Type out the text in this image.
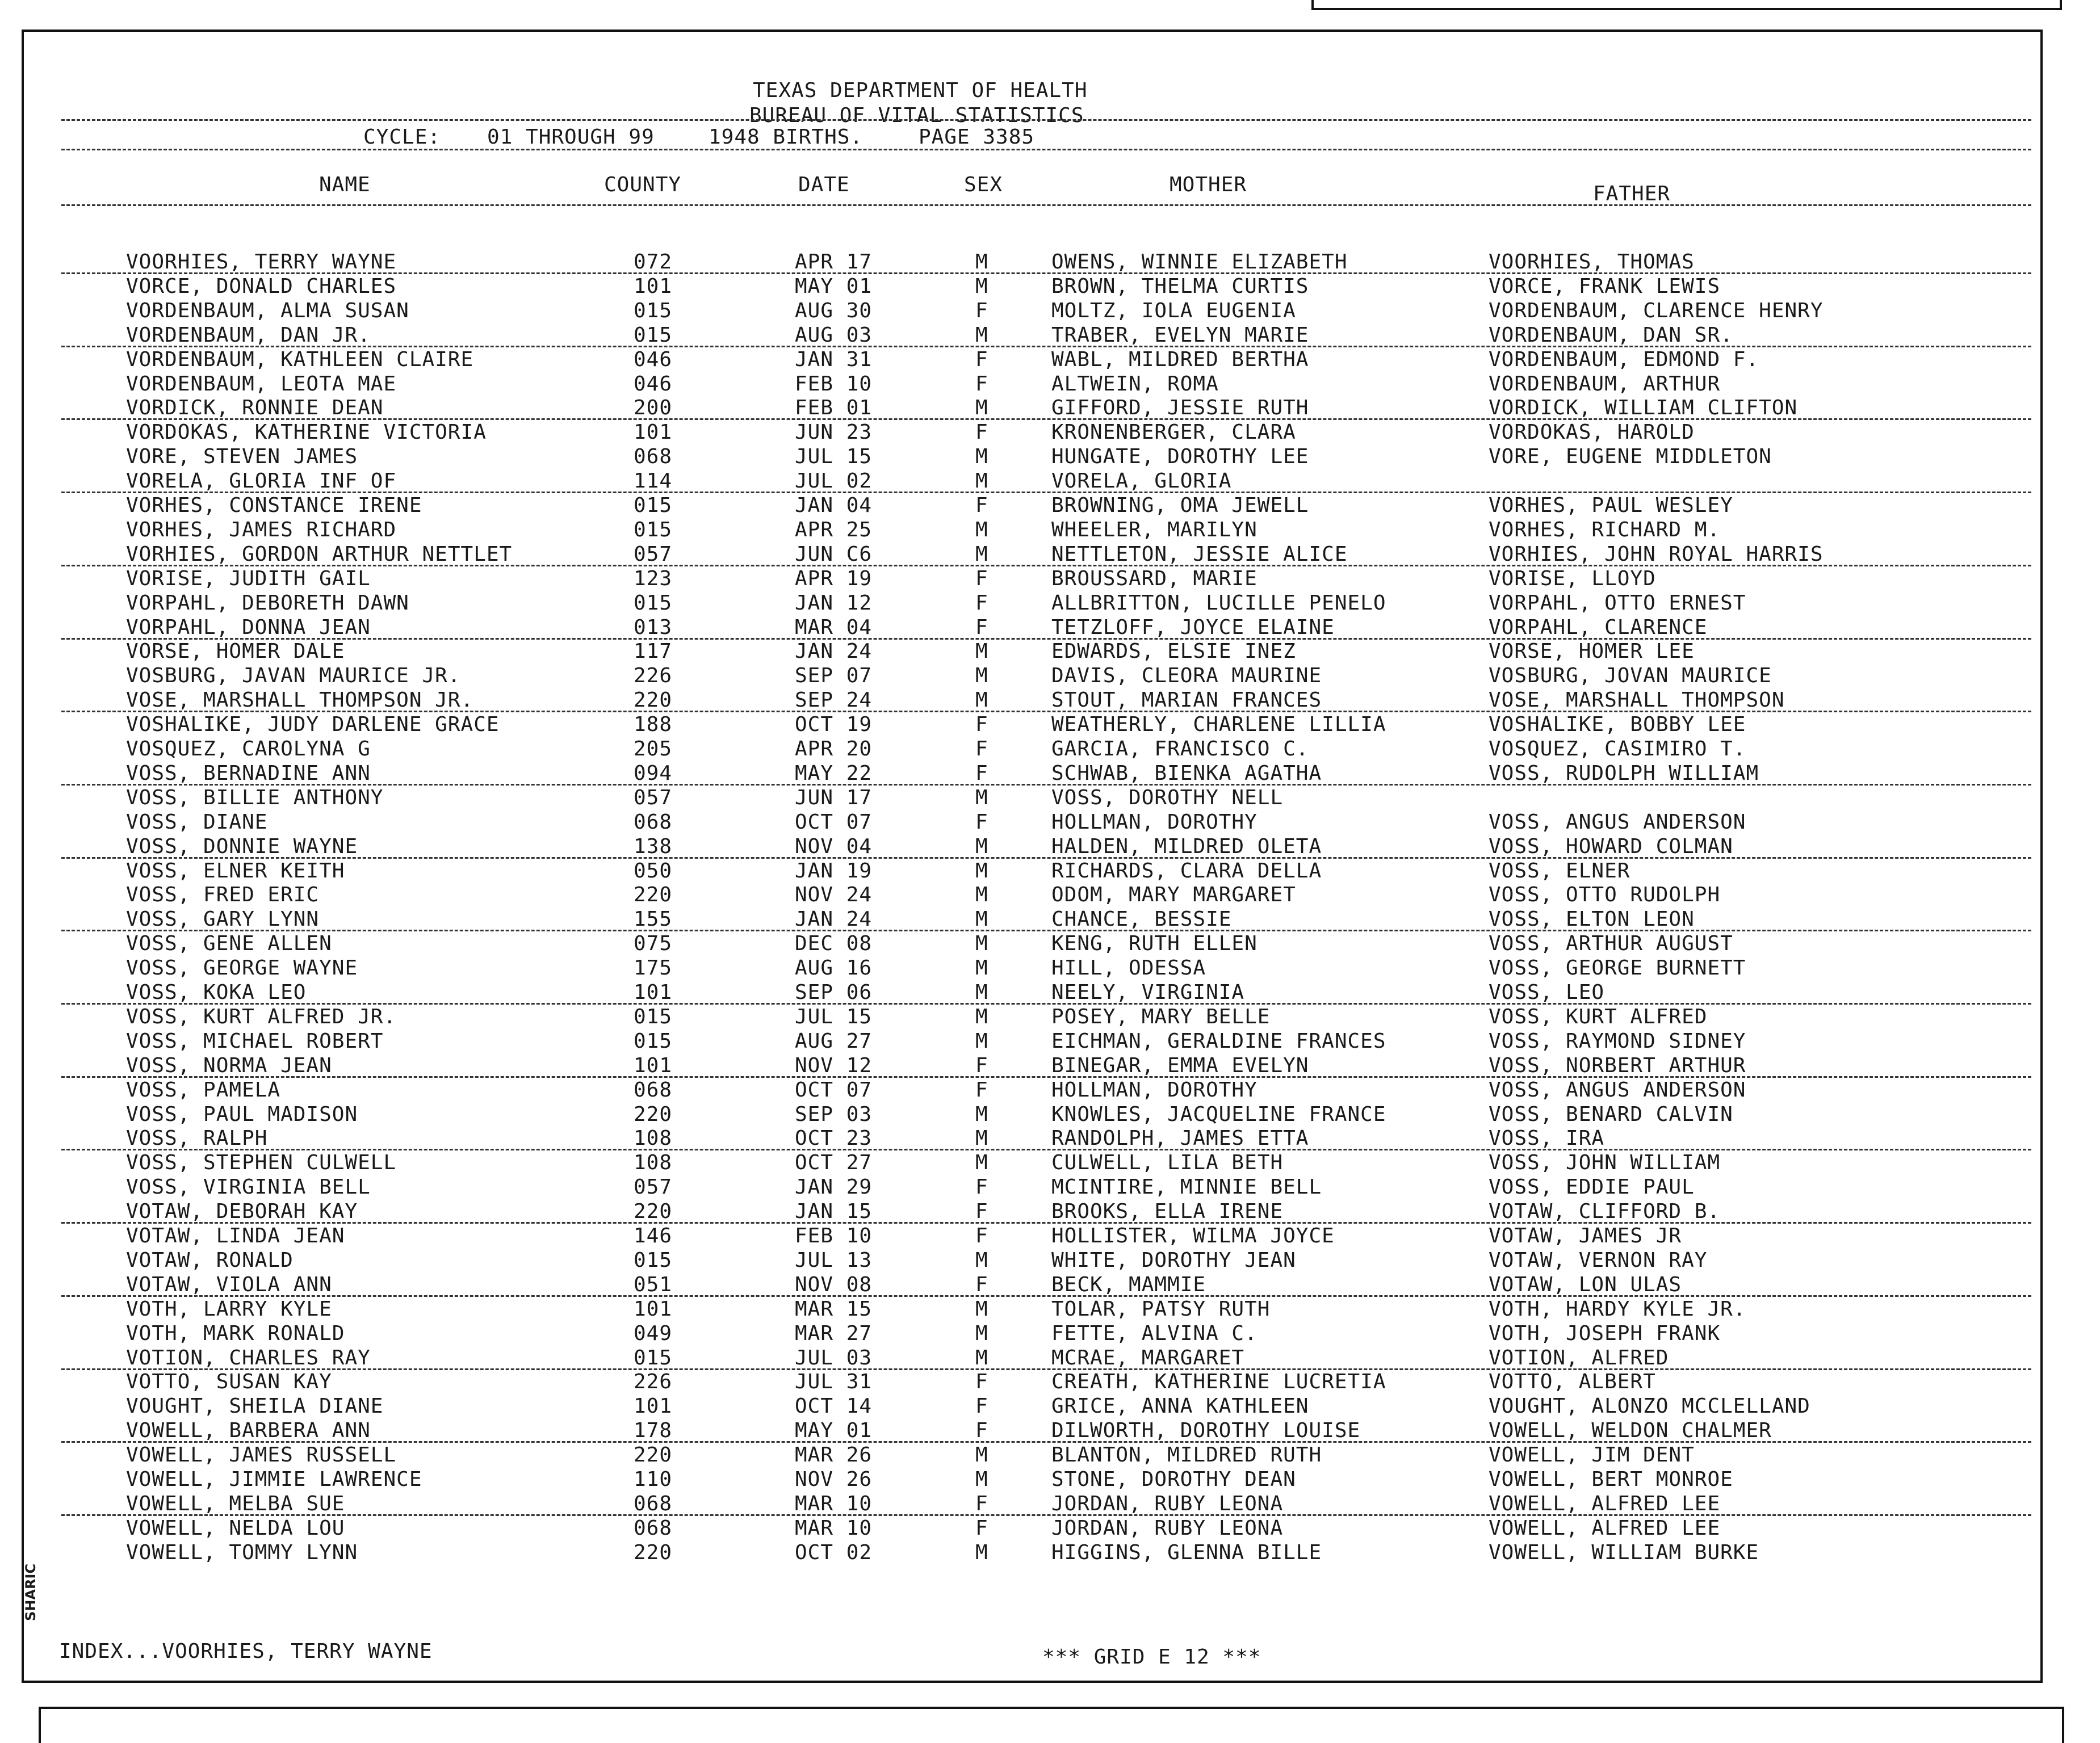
TEXAS DEPARTMENT OF HEALTH
BUREAU OF VITAL STATISTICS
CYCLE: 01 THROUGH 99	1948 BIRTHS.	PAGE 3385
NAME	COUNTY	DATE	SEX	MOTHER	FATHER
VOORHIES, TERRY WAYNE	072	APR 17	M	OWENS, WINNIE ELIZABETH	VOORHIES, THOMAS
VORCE, DONALD CHARLES	101	MAY 01	M	BROWN, THELMA CURTIS	VORCE, FRANK LEWIS
VORDENBAUM, ALMA SUSAN	015	AUG 30	F	MOLTZ, IOLA EUGENIA	VORDENBAUM, CLARENCE HENRY
VORDENBAUM, DAN JR.	015	AUG 03	M	TRABER, EVELYN MARIE	VORDENBAUM, DAN SR.
VORDENBAUM, KATHLEEN CLAIRE	046	JAN 31	F	WABL, MILDRED BERTHA	VORDENBAUM, EDMOND F.
VORDENBAUM, LEOTA MAE	046	FEB 10	F	ALTWEIN, ROMA	VORDENBAUM, ARTHUR
VORDICK, RONNIE DEAN	200	FEB 01	M	GIFFORD, JESSIE RUTH	VORDICK, WILLIAM CLIFTON
VORDOKAS, KATHERINE VICTORIA	101	JUN 23	F	KRONENBERGER, CLARA	VORDOKAS, HAROLD
VORE, STEVEN JAMES	068	JUL 15	M	HUNGATE, DOROTHY LEE	VORE, EUGENE MIDDLETON
VORELA, GLORIA INF OF	114	JUL 02	M	VORELA, GLORIA
VORHES, CONSTANCE IRENE	015	JAN 04	F	BROWNING, OMA JEWELL	VORHES, PAUL WESLEY
VORHES, JAMES RICHARD	015	APR 25	M	WHEELER, MARILYN	VORHES, RICHARD M.
VORHIES, GORDON ARTHUR NETTLET	057	JUN C6	M	NETTLETON, JESSIE ALICE	VORHIES, JOHN ROYAL HARRIS
VORISE, JUDITH GAIL	123	APR 19	F	BROUSSARD, MARIE	VORISE, LLOYD
VORPAHL, DEBORETH DAWN	015	JAN 12	F	ALLBRITTON, LUCILLE PENELO	VORPAHL, OTTO ERNEST
VORPAHL, DONNA JEAN	013	MAR 04	F	TETZLOFF, JOYCE ELAINE	VORPAHL, CLARENCE
VORSE, HOMER DALE	117	JAN 24	M	EDWARDS, ELSIE INEZ	VORSE, HOMER LEE
VOSBURG, JAVAN MAURICE JR.	226	SEP 07	M	DAVIS, CLEORA MAURINE	VOSBURG, JOVAN MAURICE
VOSE, MARSHALL THOMPSON JR.	220	SEP 24	M	STOUT, MARIAN FRANCES	VOSE, MARSHALL THOMPSON
VOSHALIKE, JUDY DARLENE GRACE	188	OCT 19	F	WEATHERLY, CHARLENE LILLIA	VOSHALIKE, BOBBY LEE
VOSQUEZ, CAROLYNA G	205	APR 20	F	GARCIA, FRANCISCO C.	VOSQUEZ, CASIMIRO T.
VOSS, BERNADINE ANN	094	MAY 22	F	SCHWAB, BIENKA AGATHA	VOSS, RUDOLPH WILLIAM
VOSS, BILLIE ANTHONY	057	JUN 17	M	VOSS, DOROTHY NELL
VOSS, DIANE	068	OCT 07	F	HOLLMAN, DOROTHY	VOSS, ANGUS ANDERSON
VOSS, DONNIE WAYNE	138	NOV 04	M	HALDEN, MILDRED OLETA	VOSS, HOWARD COLMAN
VOSS, ELNER KEITH	050	JAN 19	M	RICHARDS, CLARA DELLA	VOSS, ELNER
VOSS, FRED ERIC	220	NOV 24	M	ODOM, MARY MARGARET	VOSS, OTTO RUDOLPH
VOSS, GARY LYNN	155	JAN 24	M	CHANCE, BESSIE	VOSS, ELTON LEON
VOSS, GENE ALLEN	075	DEC 08	M	KENG, RUTH ELLEN	VOSS, ARTHUR AUGUST
VOSS, GEORGE WAYNE	175	AUG 16	M	HILL, ODESSA	VOSS, GEORGE BURNETT
VOSS, KOKA LEO	101	SEP 06	M	NEELY, VIRGINIA	VOSS, LEO
VOSS, KURT ALFRED JR.	015	JUL 15	M	POSEY, MARY BELLE	VOSS, KURT ALFRED
VOSS, MICHAEL ROBERT	015	AUG 27	M	EICHMAN, GERALDINE FRANCES	VOSS, RAYMOND SIDNEY
VOSS, NORMA JEAN	101	NOV 12	F	BINEGAR, EMMA EVELYN	VOSS, NORBERT ARTHUR
VOSS, PAMELA	068	OCT 07	F	HOLLMAN, DOROTHY	VOSS, ANGUS ANDERSON
VOSS, PAUL MADISON	220	SEP 03	M	KNOWLES, JACQUELINE FRANCE	VOSS, BENARD CALVIN
VOSS, RALPH	108	OCT 23	M	RANDOLPH, JAMES ETTA	VOSS, IRA
VOSS, STEPHEN CULWELL	108	OCT 27	M	CULWELL, LILA BETH	VOSS, JOHN WILLIAM
VOSS, VIRGINIA BELL	057	JAN 29	F	MCINTIRE, MINNIE BELL	VOSS, EDDIE PAUL
VOTAW, DEBORAH KAY	220	JAN 15	F	BROOKS, ELLA IRENE	VOTAW, CLIFFORD B.
VOTAW, LINDA JEAN	146	FEB 10	F	HOLLISTER, WILMA JOYCE	VOTAW, JAMES JR
VOTAW, RONALD	015	JUL 13	M	WHITE, DOROTHY JEAN	VOTAW, VERNON RAY
VOTAW, VIOLA ANN	051	NOV 08	F	BECK, MAMMIE	VOTAW, LON ULAS
VOTH, LARRY KYLE	101	MAR 15	M	TOLAR, PATSY RUTH	VOTH, HARDY KYLE JR.
VOTH, MARK RONALD	049	MAR 27	M	FETTE, ALVINA C.	VOTH, JOSEPH FRANK
VOTION, CHARLES RAY	015	JUL 03	M	MCRAE, MARGARET	VOTION, ALFRED
VOTTO, SUSAN KAY	226	JUL 31	F	CREATH, KATHERINE LUCRETIA	VOTTO, ALBERT
VOUGHT, SHEILA DIANE	101	OCT 14	F	GRICE, ANNA KATHLEEN	VOUGHT, ALONZO MCCLELLAND
VOWELL, BARBERA ANN	178	MAY 01	F	DILWORTH, DOROTHY LOUISE	VOWELL, WELDON CHALMER
VOWELL, JAMES RUSSELL	220	MAR 26	M	BLANTON, MILDRED RUTH	VOWELL, JIM DENT
VOWELL, JIMMIE LAWRENCE	110	NOV 26	M	STONE, DOROTHY DEAN	VOWELL, BERT MONROE
VOWELL, MELBA SUE	068	MAR 10	F	JORDAN, RUBY LEONA	VOWELL, ALFRED LEE
VOWELL, NELDA LOU	068	MAR 10	F	JORDAN, RUBY LEONA	VOWELL, ALFRED LEE
VOWELL, TOMMY LYNN	220	OCT 02	M	HIGGINS, GLENNA BILLE	VOWELL, WILLIAM BURKE
INDEX...VOORHIES, TERRY WAYNE	*** GRID E 12 ***
SHARIC
